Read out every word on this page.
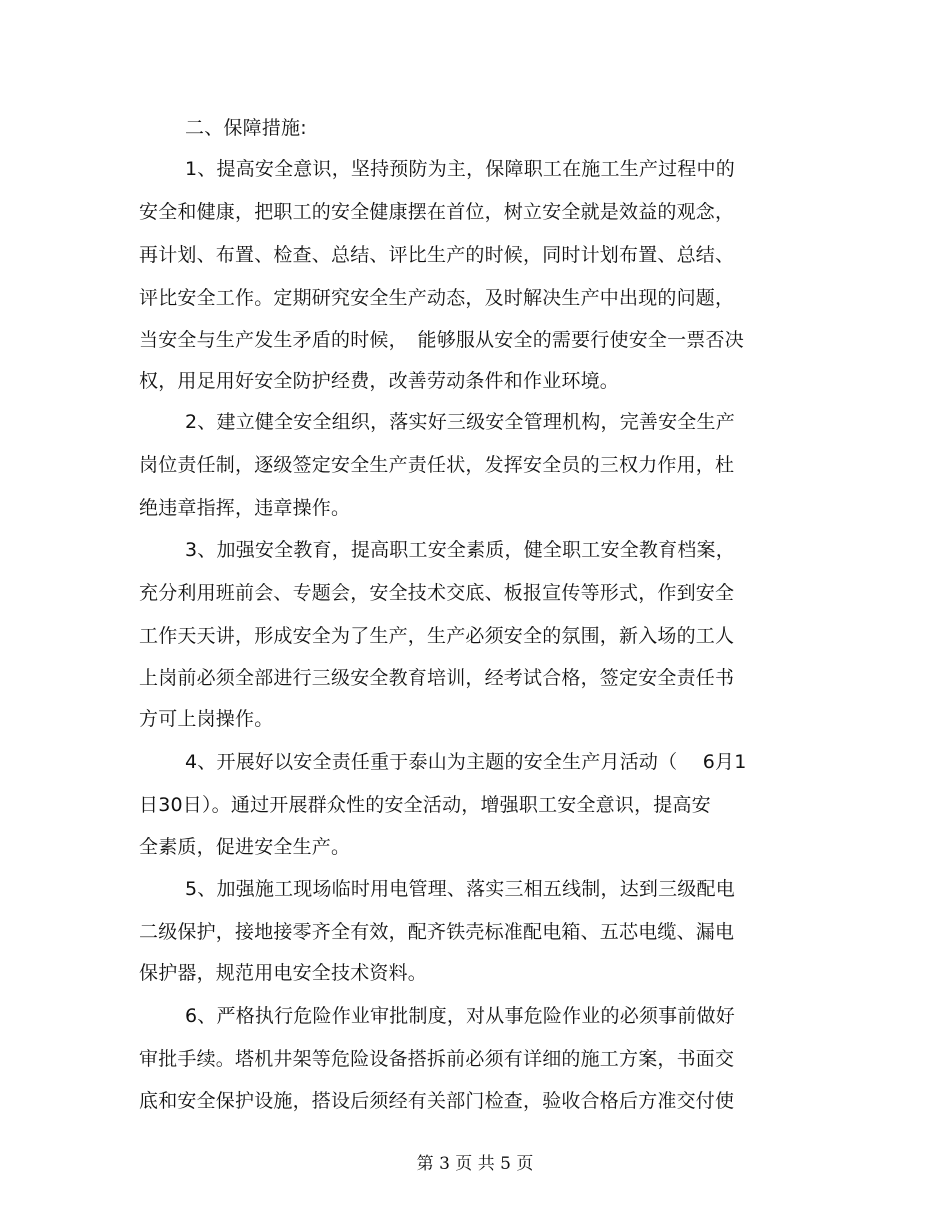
二、保障措施:
1、提高安全意识，坚持预防为主，保障职工在施工生产过程中的
安全和健康，把职工的安全健康摆在首位，树立安全就是效益的观念，
再计划、布置、检查、总结、评比生产的时候，同时计划布置、总结、
评比安全工作。定期研究安全生产动态，及时解决生产中出现的问题，
当安全与生产发生矛盾的时候，　能够服从安全的需要行使安全一票否决
权，用足用好安全防护经费，改善劳动条件和作业环境。
2、建立健全安全组织，落实好三级安全管理机构，完善安全生产
岗位责任制，逐级签定安全生产责任状，发挥安全员的三权力作用，杜
绝违章指挥，违章操作。
3、加强安全教育，提高职工安全素质，健全职工安全教育档案，
充分利用班前会、专题会，安全技术交底、板报宣传等形式，作到安全
工作天天讲，形成安全为了生产，生产必须安全的氛围，新入场的工人
上岗前必须全部进行三级安全教育培训，经考试合格，签定安全责任书
方可上岗操作。
4、开展好以安全责任重于泰山为主题的安全生产月活动（　 6月1
日30日）。通过开展群众性的安全活动，增强职工安全意识，提高安
全素质，促进安全生产。
5、加强施工现场临时用电管理、落实三相五线制，达到三级配电
二级保护，接地接零齐全有效，配齐铁壳标准配电箱、五芯电缆、漏电
保护器，规范用电安全技术资料。
6、严格执行危险作业审批制度，对从事危险作业的必须事前做好
审批手续。塔机井架等危险设备搭拆前必须有详细的施工方案，书面交
底和安全保护设施，搭设后须经有关部门检查，验收合格后方准交付使
第 3 页 共 5 页
